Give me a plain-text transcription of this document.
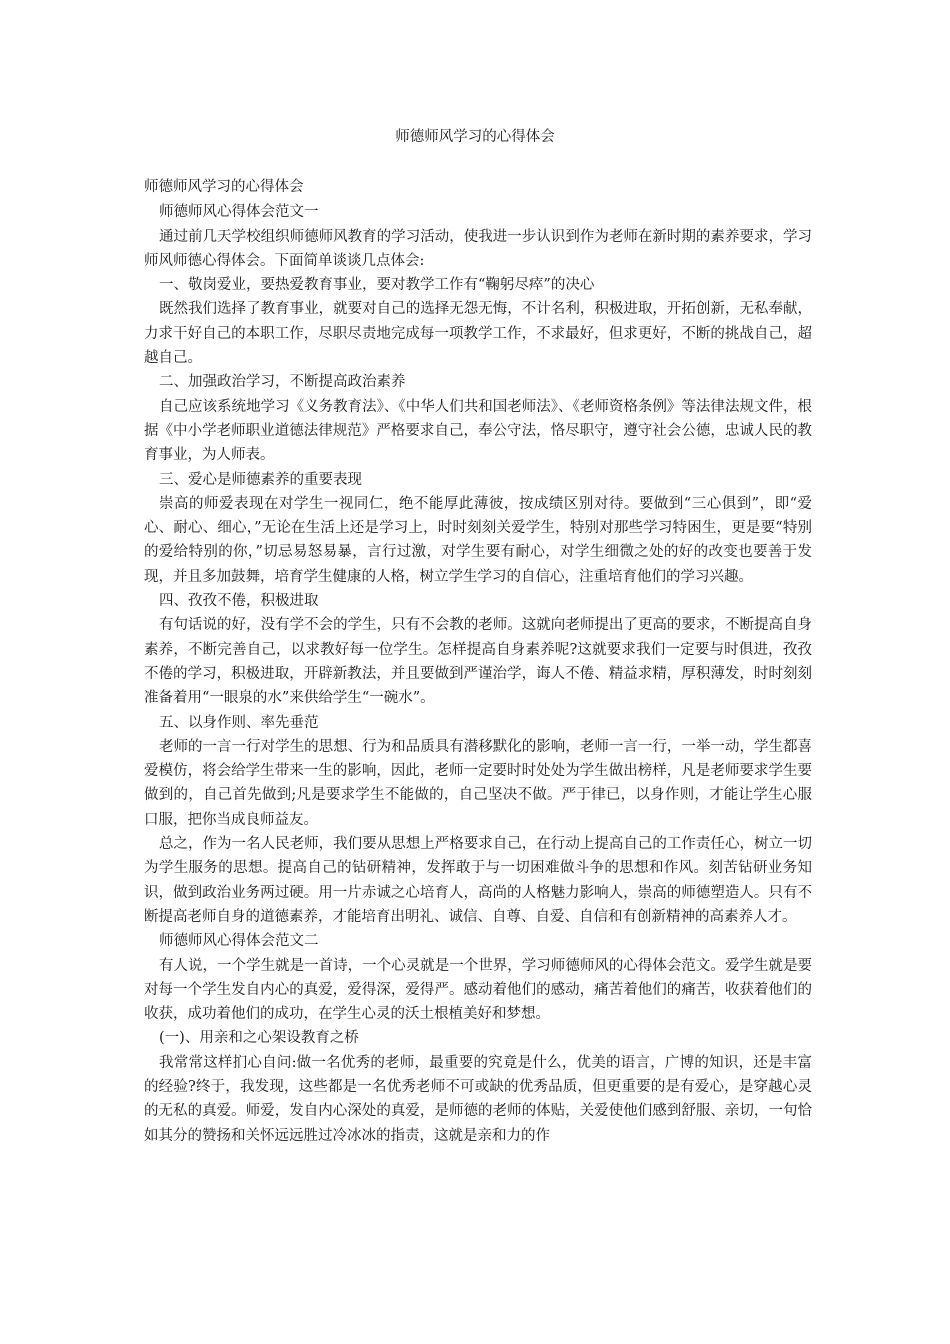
师德师风学习的心得体会

师德师风学习的心得体会

师德师风心得体会范文一

通过前几天学校组织师德师风教育的学习活动，使我进一步认识到作为老师在新时期的素养要求，学习师风师德心得体会。下面简单谈谈几点体会:

一、敬岗爱业，要热爱教育事业，要对教学工作有“鞠躬尽瘁”的决心

既然我们选择了教育事业，就要对自己的选择无怨无悔，不计名利，积极进取，开拓创新，无私奉献，力求干好自己的本职工作，尽职尽责地完成每一项教学工作，不求最好，但求更好，不断的挑战自己，超越自己。

二、加强政治学习，不断提高政治素养

自己应该系统地学习《义务教育法》、《中华人们共和国老师法》、《老师资格条例》等法律法规文件，根据《中小学老师职业道德法律规范》严格要求自己，奉公守法，恪尽职守，遵守社会公德，忠诚人民的教育事业，为人师表。

三、爱心是师德素养的重要表现

崇高的师爱表现在对学生一视同仁，绝不能厚此薄彼，按成绩区别对待。要做到“三心俱到”，即“爱心、耐心、细心，”无论在生活上还是学习上，时时刻刻关爱学生，特别对那些学习特困生，更是要“特别的爱给特别的你，”切忌易怒易暴，言行过激，对学生要有耐心，对学生细微之处的好的改变也要善于发现，并且多加鼓舞，培育学生健康的人格，树立学生学习的自信心，注重培育他们的学习兴趣。

四、孜孜不倦，积极进取

有句话说的好，没有学不会的学生，只有不会教的老师。这就向老师提出了更高的要求，不断提高自身素养，不断完善自己，以求教好每一位学生。怎样提高自身素养呢?这就要求我们一定要与时俱进，孜孜不倦的学习，积极进取，开辟新教法，并且要做到严谨治学，诲人不倦、精益求精，厚积薄发，时时刻刻准备着用“一眼泉的水”来供给学生“一碗水”。

五、以身作则、率先垂范

老师的一言一行对学生的思想、行为和品质具有潜移默化的影响，老师一言一行，一举一动，学生都喜爱模仿，将会给学生带来一生的影响，因此，老师一定要时时处处为学生做出榜样，凡是老师要求学生要做到的，自己首先做到;凡是要求学生不能做的，自己坚决不做。严于律已，以身作则，才能让学生心服口服，把你当成良师益友。

总之，作为一名人民老师，我们要从思想上严格要求自己，在行动上提高自己的工作责任心，树立一切为学生服务的思想。提高自己的钻研精神，发挥敢于与一切困难做斗争的思想和作风。刻苦钻研业务知识，做到政治业务两过硬。用一片赤诚之心培育人，高尚的人格魅力影响人，崇高的师德塑造人。只有不断提高老师自身的道德素养，才能培育出明礼、诚信、自尊、自爱、自信和有创新精神的高素养人才。

师德师风心得体会范文二

有人说，一个学生就是一首诗，一个心灵就是一个世界，学习师德师风的心得体会范文。爱学生就是要对每一个学生发自内心的真爱，爱得深，爱得严。感动着他们的感动，痛苦着他们的痛苦，收获着他们的收获，成功着他们的成功，在学生心灵的沃土根植美好和梦想。

(一)、用亲和之心架设教育之桥

我常常这样扪心自问:做一名优秀的老师，最重要的究竟是什么，优美的语言，广博的知识，还是丰富的经验?终于，我发现，这些都是一名优秀老师不可或缺的优秀品质，但更重要的是有爱心，是穿越心灵的无私的真爱。师爱，发自内心深处的真爱，是师德的老师的体贴，关爱使他们感到舒服、亲切，一句恰如其分的赞扬和关怀远远胜过冷冰冰的指责，这就是亲和力的作
